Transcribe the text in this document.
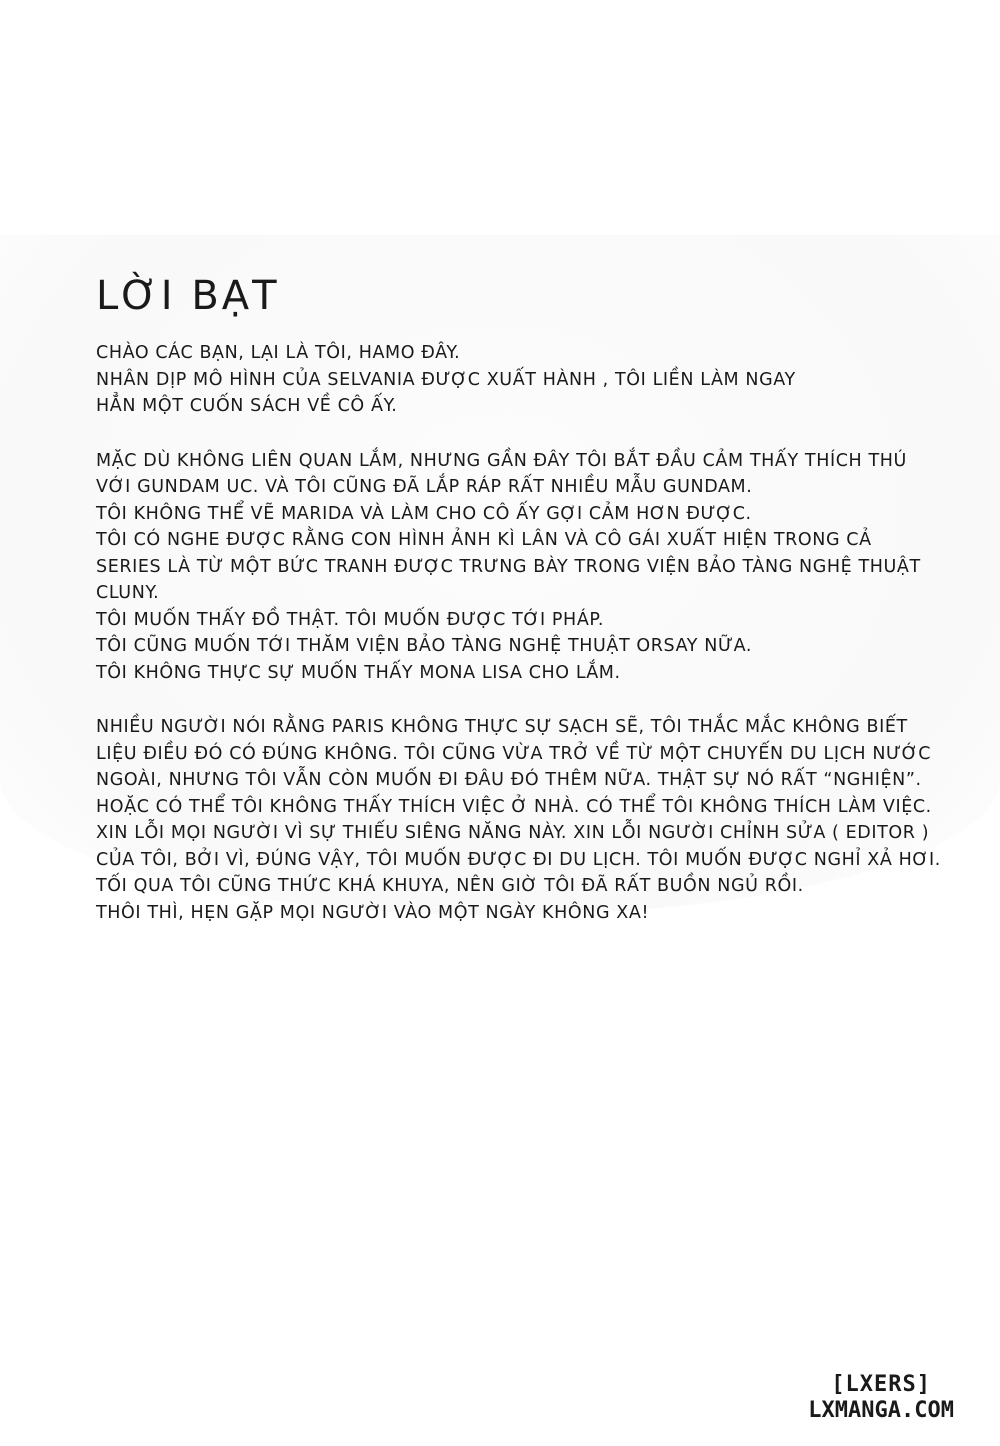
LỜI BẠT
CHÀO CÁC BẠN, LẠI LÀ TÔI, HAMO ĐÂY.
NHÂN DỊP MÔ HÌNH CỦA SELVANIA ĐƯỢC XUẤT HÀNH , TÔI LIỀN LÀM NGAY
HẲN MỘT CUỐN SÁCH VỀ CÔ ẤY.
MẶC DÙ KHÔNG LIÊN QUAN LẮM, NHƯNG GẦN ĐÂY TÔI BẮT ĐẦU CẢM THẤY THÍCH THÚ
VỚI GUNDAM UC. VÀ TÔI CŨNG ĐÃ LẮP RÁP RẤT NHIỀU MẪU GUNDAM.
TÔI KHÔNG THỂ VẼ MARIDA VÀ LÀM CHO CÔ ẤY GỢI CẢM HƠN ĐƯỢC.
TÔI CÓ NGHE ĐƯỢC RẰNG CON HÌNH ẢNH KÌ LÂN VÀ CÔ GÁI XUẤT HIỆN TRONG CẢ
SERIES LÀ TỪ MỘT BỨC TRANH ĐƯỢC TRƯNG BÀY TRONG VIỆN BẢO TÀNG NGHỆ THUẬT
CLUNY.
TÔI MUỐN THẤY ĐỒ THẬT. TÔI MUỐN ĐƯỢC TỚI PHÁP.
TÔI CŨNG MUỐN TỚI THĂM VIỆN BẢO TÀNG NGHỆ THUẬT ORSAY NỮA.
TÔI KHÔNG THỰC SỰ MUỐN THẤY MONA LISA CHO LẮM.
NHIỀU NGƯỜI NÓI RẰNG PARIS KHÔNG THỰC SỰ SẠCH SẼ, TÔI THẮC MẮC KHÔNG BIẾT
LIỆU ĐIỀU ĐÓ CÓ ĐÚNG KHÔNG. TÔI CŨNG VỪA TRỞ VỀ TỪ MỘT CHUYẾN DU LỊCH NƯỚC
NGOÀI, NHƯNG TÔI VẪN CÒN MUỐN ĐI ĐÂU ĐÓ THÊM NỮA. THẬT SỰ NÓ RẤT “NGHIỆN”.
HOẶC CÓ THỂ TÔI KHÔNG THẤY THÍCH VIỆC Ở NHÀ. CÓ THỂ TÔI KHÔNG THÍCH LÀM VIỆC.
XIN LỖI MỌI NGƯỜI VÌ SỰ THIẾU SIÊNG NĂNG NÀY. XIN LỖI NGƯỜI CHỈNH SỬA ( EDITOR )
CỦA TÔI, BỞI VÌ, ĐÚNG VẬY, TÔI MUỐN ĐƯỢC ĐI DU LỊCH. TÔI MUỐN ĐƯỢC NGHỈ XẢ HƠI.
TỐI QUA TÔI CŨNG THỨC KHÁ KHUYA, NÊN GIỜ TÔI ĐÃ RẤT BUỒN NGỦ RỒI.
THÔI THÌ, HẸN GẶP MỌI NGƯỜI VÀO MỘT NGÀY KHÔNG XA!
[LXERS]
LXMANGA.COM
